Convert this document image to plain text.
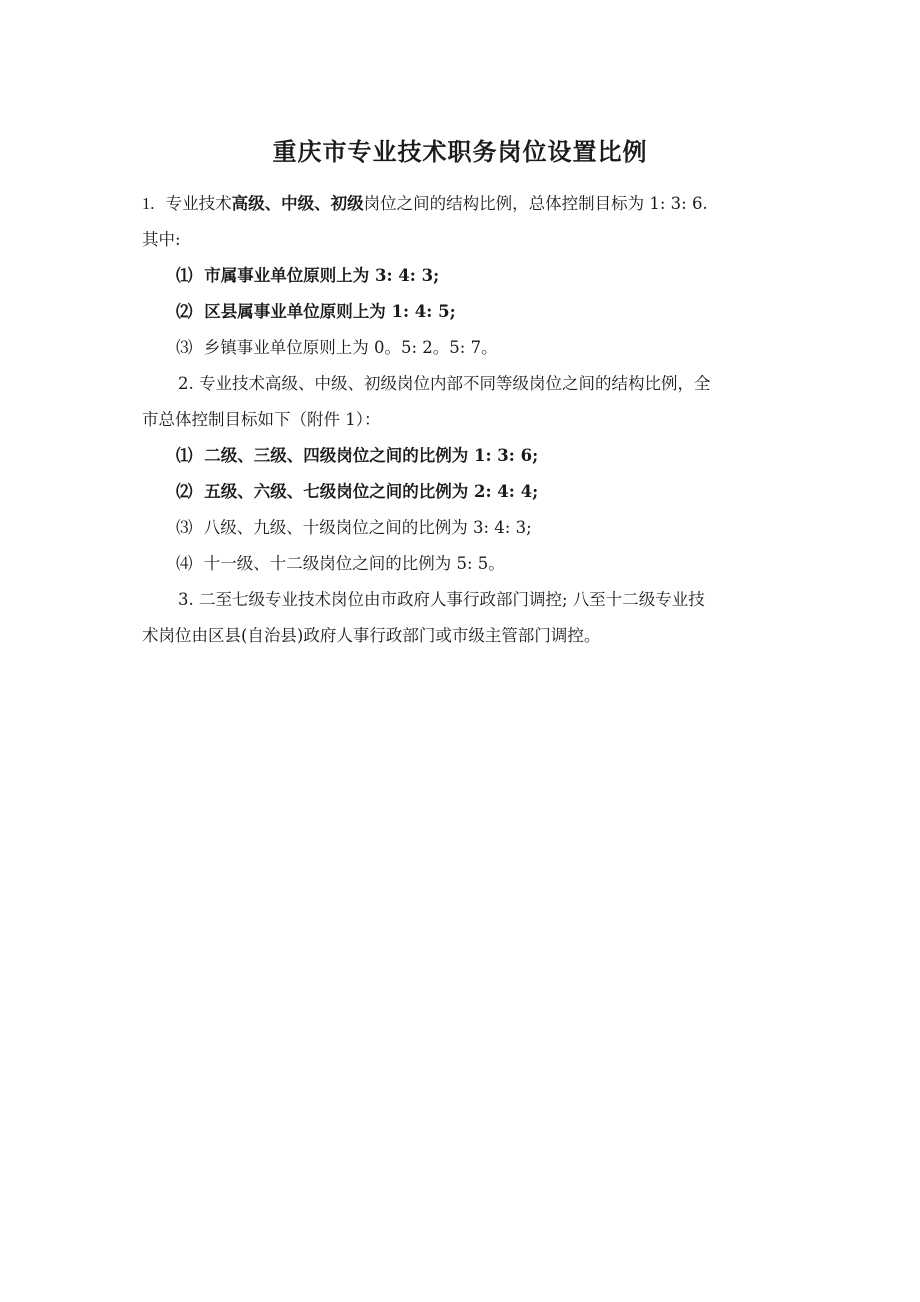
重庆市专业技术职务岗位设置比例
1. 专业技术高级、中级、初级岗位之间的结构比例，总体控制目标为 1: 3: 6.
其中:
⑴ 市属事业单位原则上为 3: 4: 3;
⑵ 区县属事业单位原则上为 1: 4: 5;
⑶ 乡镇事业单位原则上为 0。5: 2。5: 7。
2. 专业技术高级、中级、初级岗位内部不同等级岗位之间的结构比例，全
市总体控制目标如下（附件 1）：
⑴ 二级、三级、四级岗位之间的比例为 1: 3: 6;
⑵ 五级、六级、七级岗位之间的比例为 2: 4: 4;
⑶ 八级、九级、十级岗位之间的比例为 3: 4: 3;
⑷ 十一级、十二级岗位之间的比例为 5: 5。
3. 二至七级专业技术岗位由市政府人事行政部门调控; 八至十二级专业技
术岗位由区县(自治县)政府人事行政部门或市级主管部门调控。
